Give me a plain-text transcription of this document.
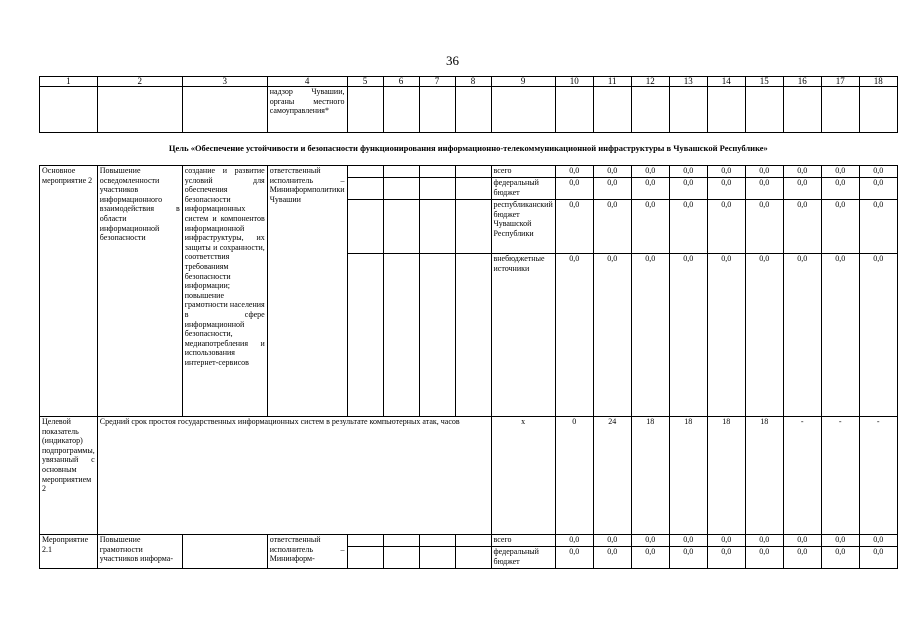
36
1	2	3	4	5	6	7	8	9	10	11	12	13	14	15	16	17	18
			надзор Чувашии, органы местного самоуправления*														
Цель «Обеспечение устойчивости и безопасности функционирования информационно-телекоммуникационной инфраструктуры в Чувашской Республике»																	
Основное мероприятие 2	Повышение осведомленности участников информационного взаимодействия в области информационной безопасности	создание и развитие условий для обеспечения безопасности информационных систем и компонентов информационной инфраструктуры, их защиты и сохранности, соответствия требованиям безопасности информации; повышение грамотности населения в сфере информационной безопасности, медиапотребления и использования интернет-сервисов	ответственный исполнитель – Мининформполитики Чувашии					всего	0,0	0,0	0,0	0,0	0,0	0,0	0,0	0,0	0,0
								федеральный бюджет	0,0	0,0	0,0	0,0	0,0	0,0	0,0	0,0	0,0
								республиканский бюджет Чувашской Республики	0,0	0,0	0,0	0,0	0,0	0,0	0,0	0,0	0,0
								внебюджетные источники	0,0	0,0	0,0	0,0	0,0	0,0	0,0	0,0	0,0
Целевой показатель (индикатор) подпрограммы, увязанный с основным мероприятием 2	Средний срок простоя государственных информационных систем в результате компьютерных атак, часов							x	0	24	18	18	18	18	-	-	-
Мероприятие 2.1	Повышение грамотности участников информа-		ответственный исполнитель – Мининформ-					всего	0,0	0,0	0,0	0,0	0,0	0,0	0,0	0,0	0,0
								федеральный бюджет	0,0	0,0	0,0	0,0	0,0	0,0	0,0	0,0	0,0
